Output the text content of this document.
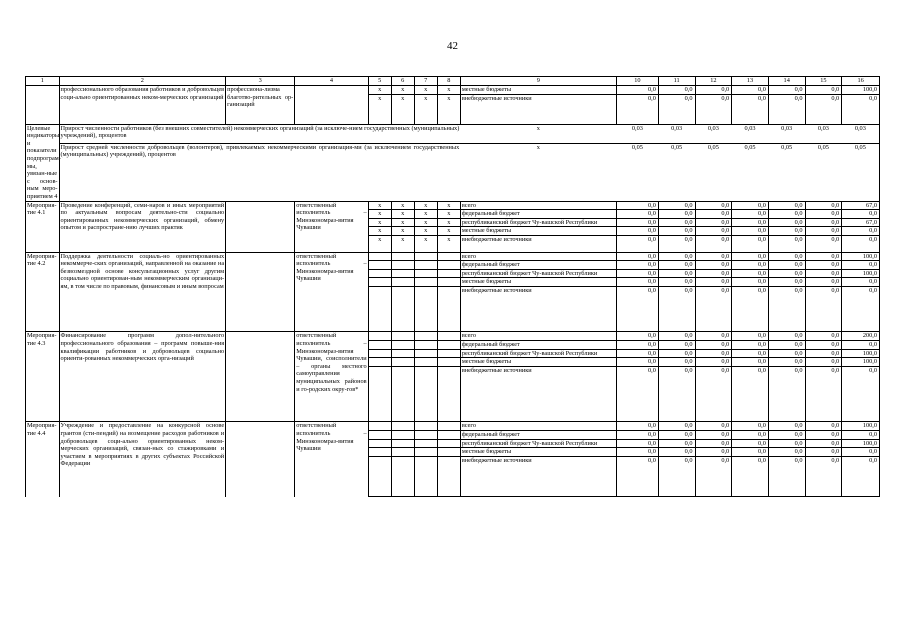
42
1	2	3	4	5	6	7	8	9	10	11	12	13	14	15	16
	профессионального образования работников и добровольцев соци-ально ориентированных неком-мерческих организаций	профессиона-лизма благотво-рительных ор-ганизаций		x	x	x	x	местные бюджеты	0,0	0,0	0,0	0,0	0,0	0,0	100,0
				x	x	x	x	внебюджетные источники	0,0	0,0	0,0	0,0	0,0	0,0	0,0
Целевые индикаторы и показатели подпрограм-мы, увязан-ные с основ-ным меро-приятием 4	Прирост численности работников (без внешних совместителей) некоммерческих организаций (за исключе-нием государственных (муниципальных) учреждений), процентов							x	0,03	0,03	0,03	0,03	0,03	0,03	0,03
	Прирост средней численности добровольцев (волонтеров), привлекаемых некоммерческими организация-ми (за исключением государственных (муниципальных) учреждений), процентов							x	0,05	0,05	0,05	0,05	0,05	0,05	0,05
Мероприя-тие 4.1	Проведение конференций, семи-наров и иных мероприятий по актуальным вопросам деятельно-сти социально ориентированных некоммерческих организаций, обмену опытом и распростране-нию лучших практик		ответственный исполнитель – Минэкономраз-вития Чувашии	x	x	x	x	всего	0,0	0,0	0,0	0,0	0,0	0,0	67,0
				x	x	x	x	федеральный бюджет	0,0	0,0	0,0	0,0	0,0	0,0	0,0
				x	x	x	x	республиканский бюджет Чу-вашской Республики	0,0	0,0	0,0	0,0	0,0	0,0	67,0
				x	x	x	x	местные бюджеты	0,0	0,0	0,0	0,0	0,0	0,0	0,0
				x	x	x	x	внебюджетные источники	0,0	0,0	0,0	0,0	0,0	0,0	0,0
Мероприя-тие 4.2	Поддержка деятельности социаль-но ориентированных некоммерче-ских организаций, направленной на оказание на безвозмездной основе консультационных услуг другим социально ориентирован-ным некоммерческим организаци-ям, в том числе по правовым, финансовым и иным вопросам		ответственный исполнитель – Минэкономраз-вития Чувашии					всего	0,0	0,0	0,0	0,0	0,0	0,0	100,0
								федеральный бюджет	0,0	0,0	0,0	0,0	0,0	0,0	0,0
								республиканский бюджет Чу-вашской Республики	0,0	0,0	0,0	0,0	0,0	0,0	100,0
								местные бюджеты	0,0	0,0	0,0	0,0	0,0	0,0	0,0
								внебюджетные источники	0,0	0,0	0,0	0,0	0,0	0,0	0,0
Мероприя-тие 4.3	Финансирование программ допол-нительного профессионального образования – программ повыше-ния квалификации работников и добровольцев социально ориенти-рованных некоммерческих орга-низаций		ответственный исполнитель – Минэкономраз-вития Чувашии, соисполнители – органы местного самоуправления муниципальных районов и го-родских окру-гов*					всего	0,0	0,0	0,0	0,0	0,0	0,0	200,0
								федеральный бюджет	0,0	0,0	0,0	0,0	0,0	0,0	0,0
								республиканский бюджет Чу-вашской Республики	0,0	0,0	0,0	0,0	0,0	0,0	100,0
								местные бюджеты	0,0	0,0	0,0	0,0	0,0	0,0	100,0
								внебюджетные источники	0,0	0,0	0,0	0,0	0,0	0,0	0,0
Мероприя-тие 4.4	Учреждение и предоставление на конкурсной основе грантов (сти-пендий) на возмещение расходов работников и добровольцев соци-ально ориентированных неком-мерческих организаций, связан-ных со стажировками и участием в мероприятиях в других субъектах Российской Федерации		ответственный исполнитель – Минэкономраз-вития Чувашии					всего	0,0	0,0	0,0	0,0	0,0	0,0	100,0
								федеральный бюджет	0,0	0,0	0,0	0,0	0,0	0,0	0,0
								республиканский бюджет Чу-вашской Республики	0,0	0,0	0,0	0,0	0,0	0,0	100,0
								местные бюджеты	0,0	0,0	0,0	0,0	0,0	0,0	0,0
								внебюджетные источники	0,0	0,0	0,0	0,0	0,0	0,0	0,0
